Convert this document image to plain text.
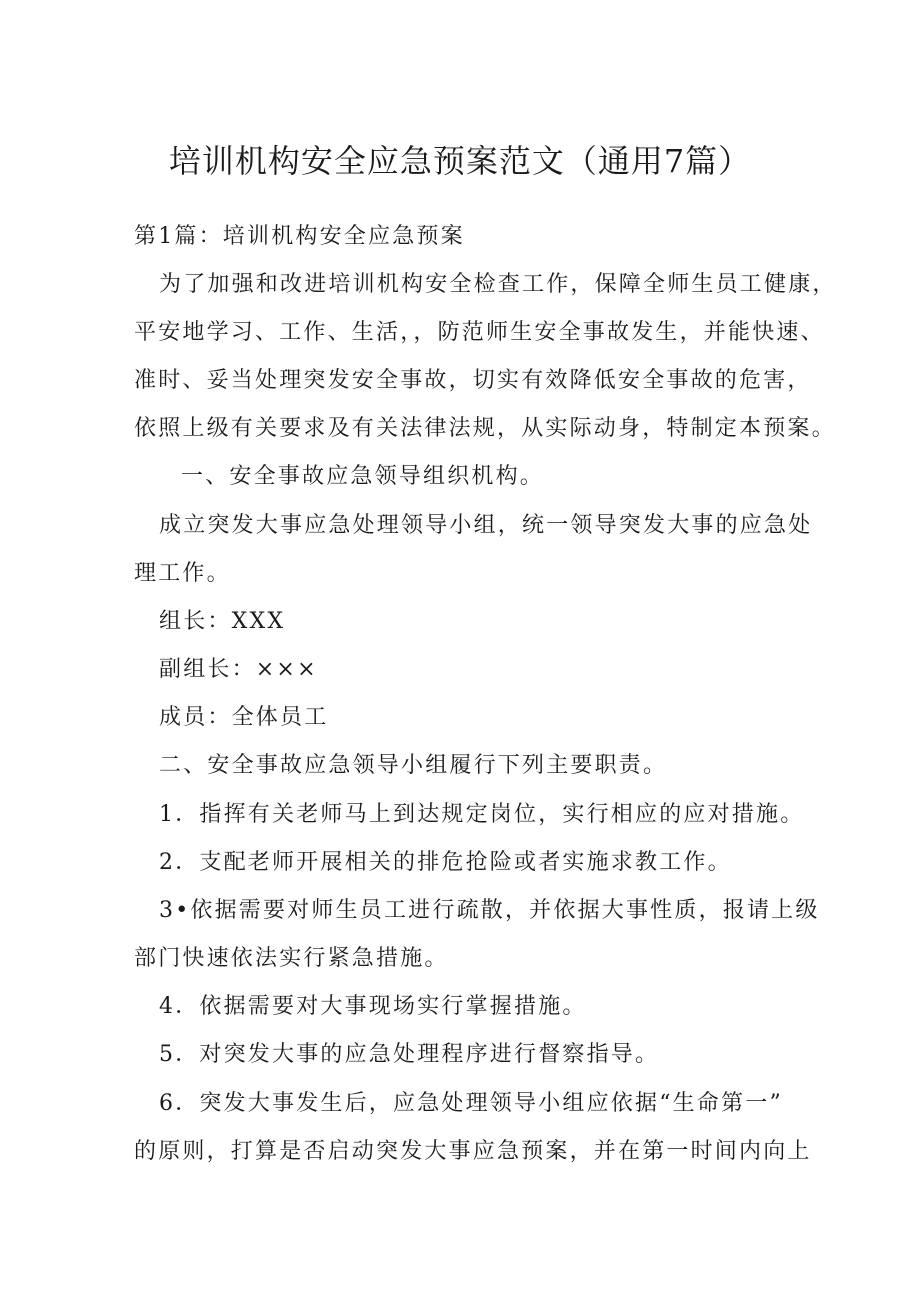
培训机构安全应急预案范文（通用7篇）
第1篇：培训机构安全应急预案
为了加强和改进培训机构安全检查工作，保障全师生员工健康，
平安地学习、工作、生活，，防范师生安全事故发生，并能快速、
准时、妥当处理突发安全事故，切实有效降低安全事故的危害，
依照上级有关要求及有关法律法规，从实际动身，特制定本预案。
一、安全事故应急领导组织机构。
成立突发大事应急处理领导小组，统一领导突发大事的应急处
理工作。
组长：XXX
副组长：×××
成员：全体员工
二、安全事故应急领导小组履行下列主要职责。
1．指挥有关老师马上到达规定岗位，实行相应的应对措施。
2．支配老师开展相关的排危抢险或者实施求教工作。
3•依据需要对师生员工进行疏散，并依据大事性质，报请上级
部门快速依法实行紧急措施。
4．依据需要对大事现场实行掌握措施。
5．对突发大事的应急处理程序进行督察指导。
6．突发大事发生后，应急处理领导小组应依据“生命第一”
的原则，打算是否启动突发大事应急预案，并在第一时间内向上
